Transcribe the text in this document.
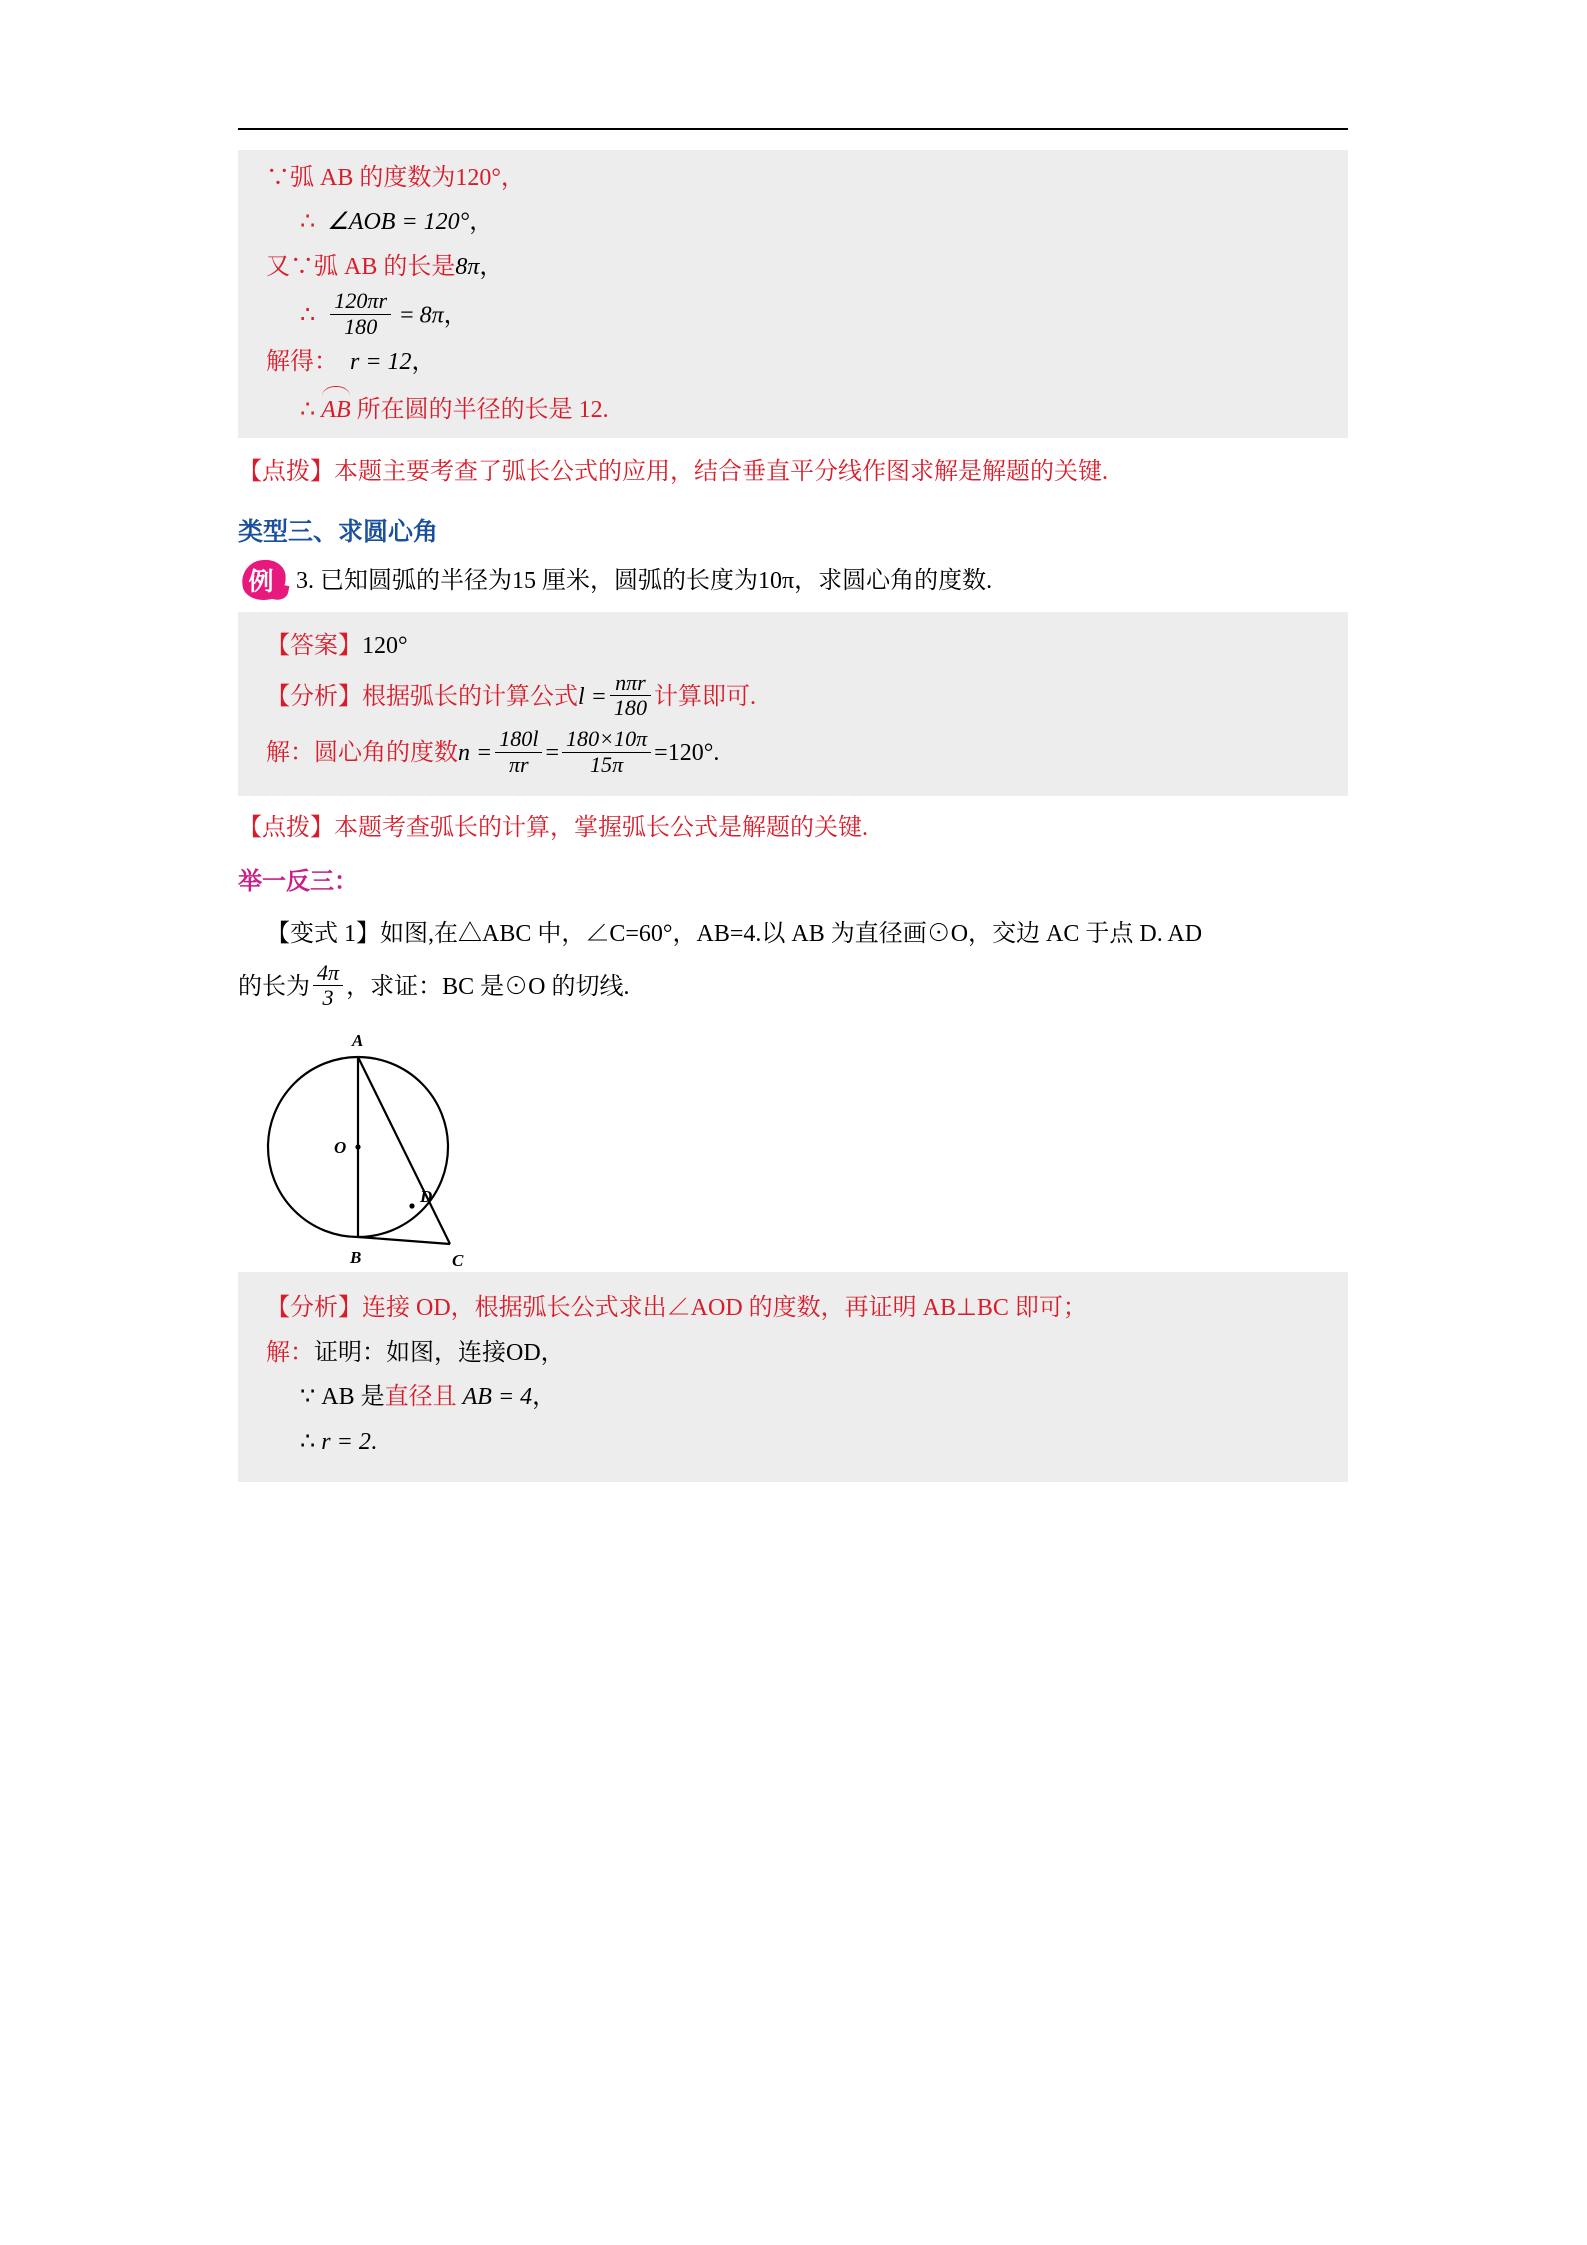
∵弧 AB 的度数为120°，
∴ ∠AOB = 120°，
又∵弧 AB 的长是8π，
∴ $\frac{120\pi r}{180} = 8\pi$，
解得： r = 12，
∴ AB 所在圆的半径的长是 12.
【点拨】本题主要考查了弧长公式的应用，结合垂直平分线作图求解是解题的关键.
类型三、求圆心角
例 3. 已知圆弧的半径为15 厘米，圆弧的长度为10π，求圆心角的度数.
【答案】120°
【分析】根据弧长的计算公式$l = \frac{\text{nπr}}{180}$ 计算即可.
解：圆心角的度数$n = \frac{180l}{\pi r} = \frac{180\times 10\pi}{15\pi} =120^\circ$.
【点拨】本题考查弧长的计算，掌握弧长公式是解题的关键.
举一反三：
【变式 1】如图,在△ABC 中，∠C=60°，AB=4.以 AB 为直径画⊙O，交边 AC 于点 D. AD
的长为 $\frac{4\pi}{3}$ ，求证：BC 是⊙O 的切线.
A
B	C
D
O
【分析】连接 OD，根据弧长公式求出∠AOD 的度数，再证明 AB⊥BC 即可；
解：证明：如图，连接OD，
∵ AB 是直径且 AB = 4，
∴ r = 2.
